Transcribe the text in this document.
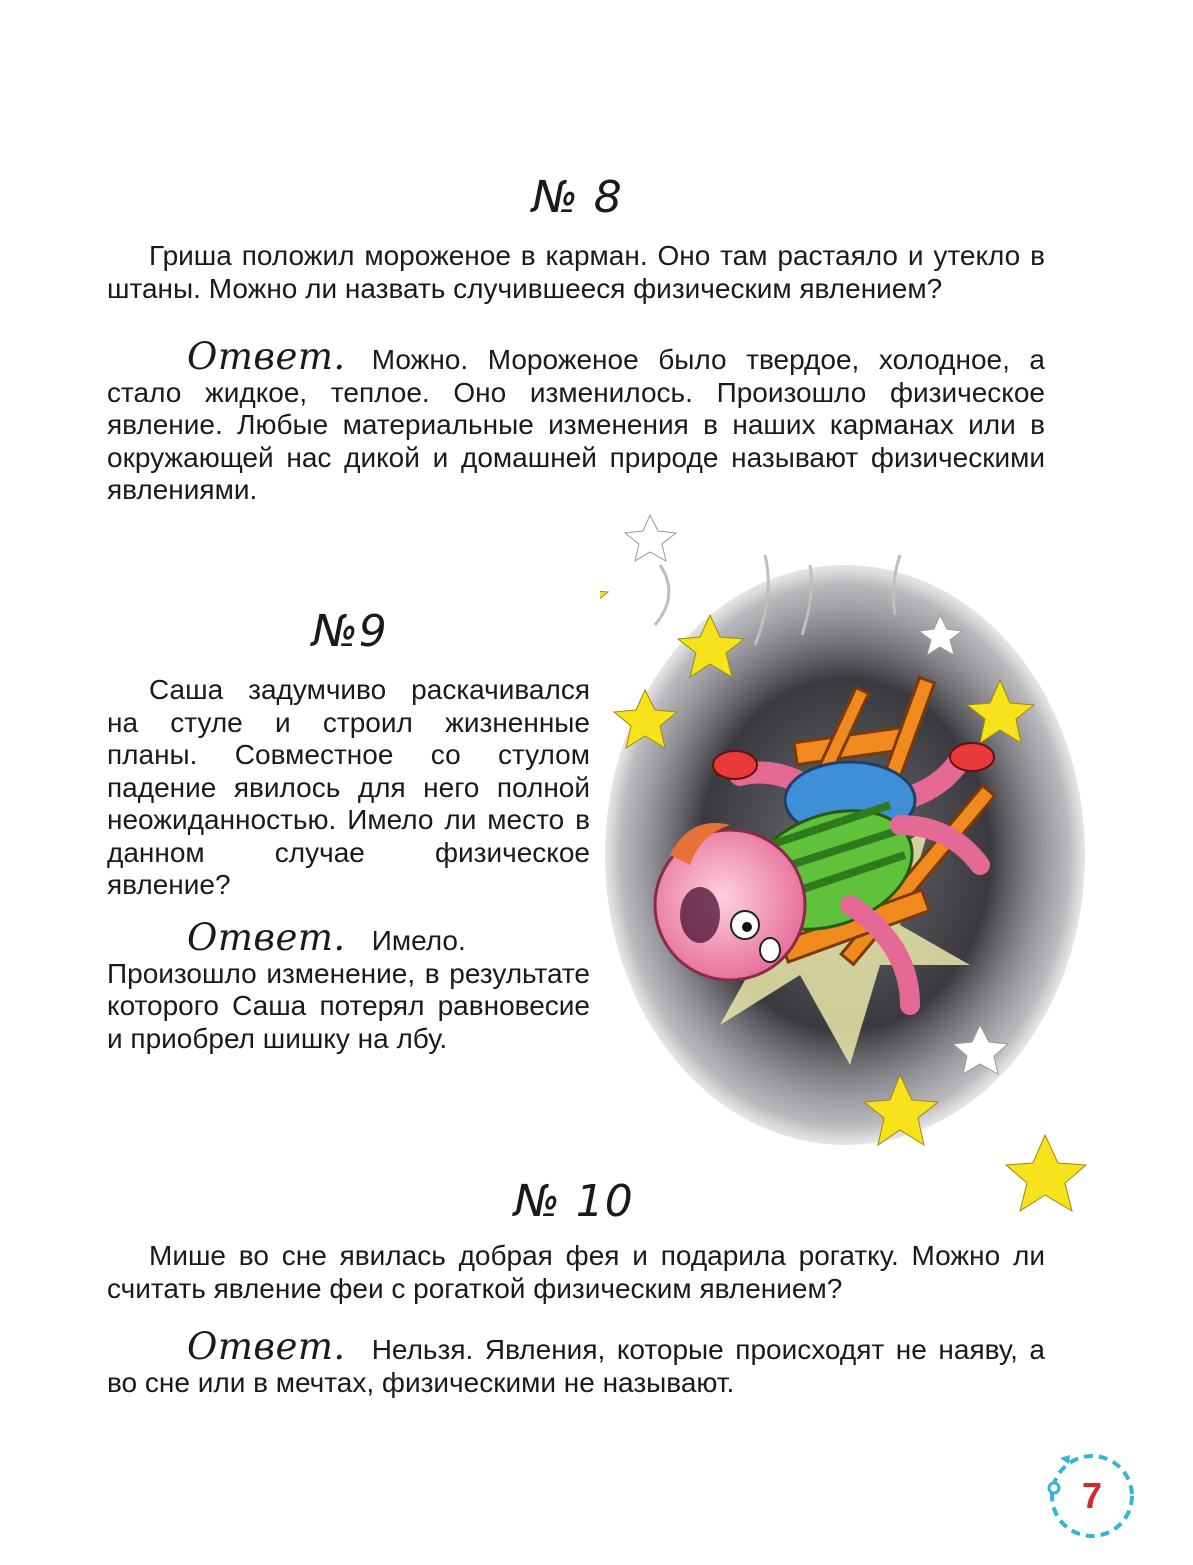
№ 8

Гриша положил мороженое в карман. Оно там растаяло и утекло в штаны. Можно ли назвать случившееся физическим явлением?

Ответ. Можно. Мороженое было твердое, холодное, а стало жидкое, теплое. Оно изменилось. Произошло физическое явление. Любые материальные изменения в наших карманах или в окружающей нас дикой и домашней природе называют физическими явлениями.

№9

Саша задумчиво раскачивался на стуле и строил жизненные планы. Совместное со стулом падение явилось для него полной неожиданностью. Имело ли место в данном случае физическое явление?

Ответ. Имело. Произошло изменение, в результате которого Саша потерял равновесие и приобрел шишку на лбу.

№ 10

Мише во сне явилась добрая фея и подарила рогатку. Можно ли считать явление феи с рогаткой физическим явлением?

Ответ. Нельзя. Явления, которые происходят не наяву, а во сне или в мечтах, физическими не называют.

7
